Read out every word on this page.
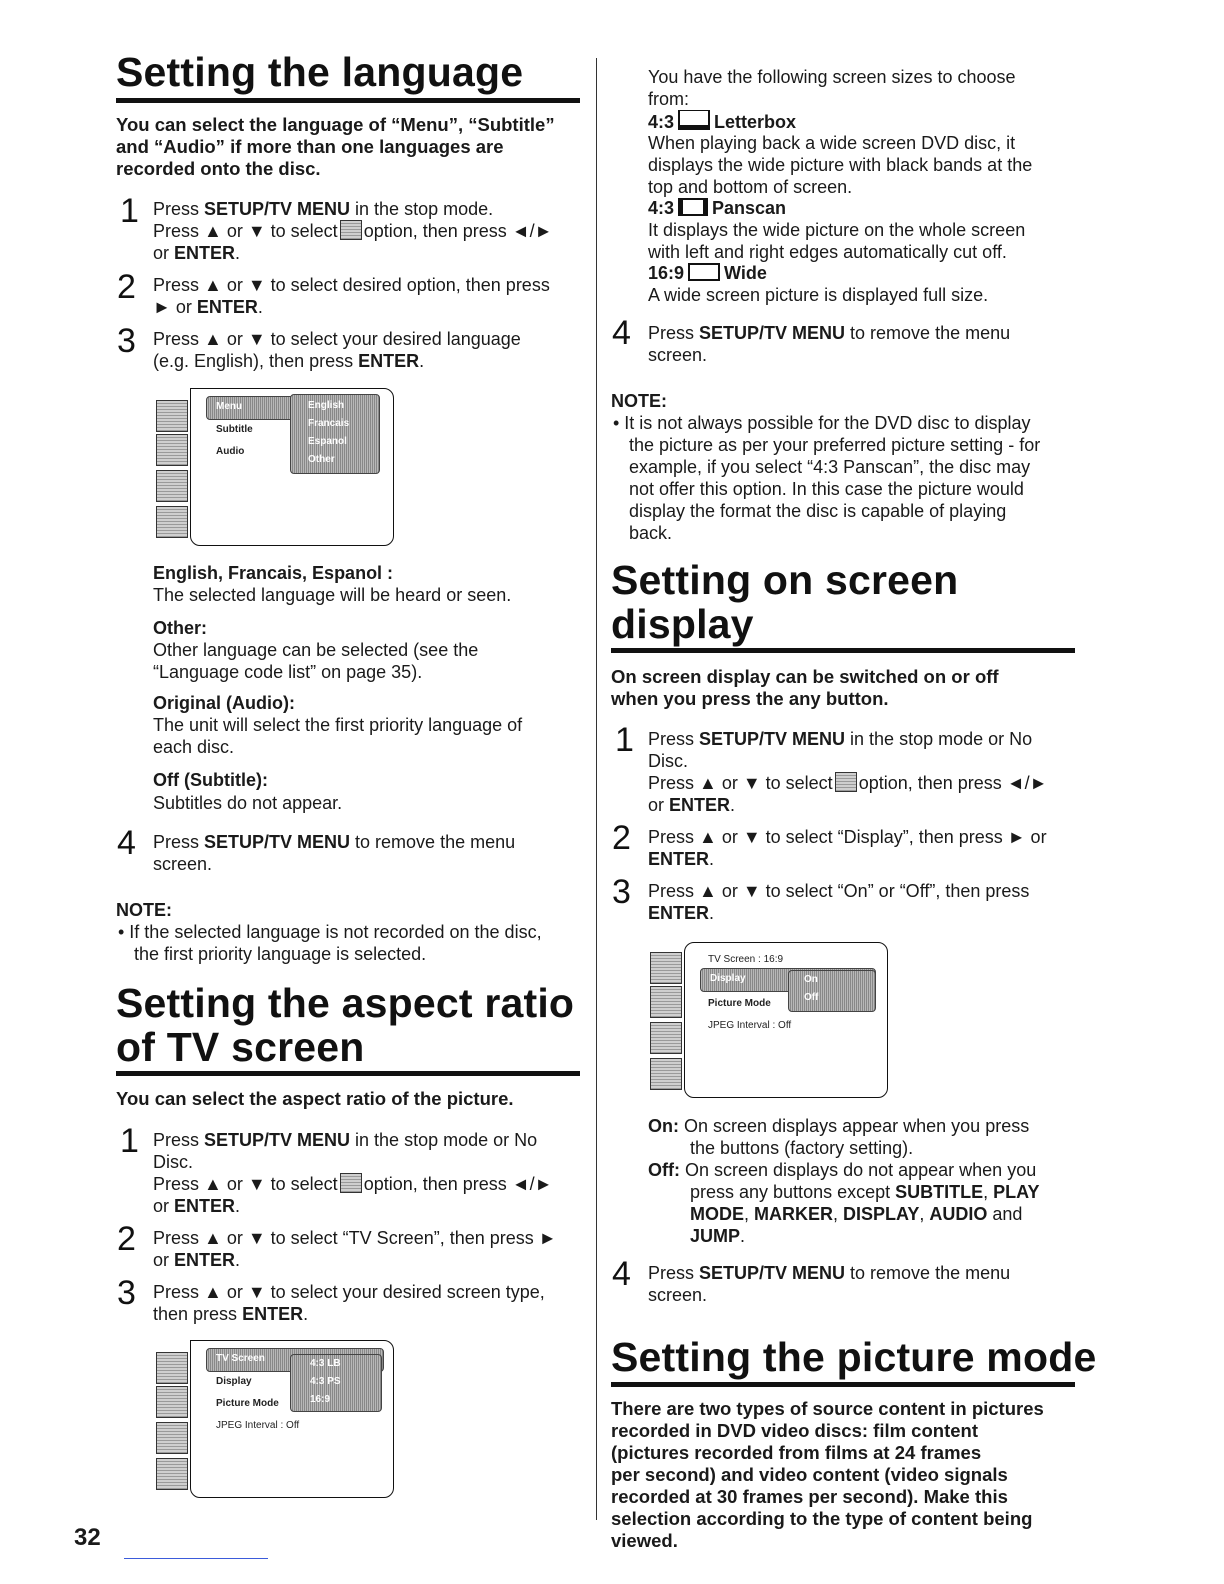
Setting the language

You can select the language of “Menu”, “Subtitle” and “Audio” if more than one languages are recorded onto the disc.

1 Press SETUP/TV MENU in the stop mode.
Press ▲ or ▼ to select option, then press ◄/►
or ENTER.

2 Press ▲ or ▼ to select desired option, then press
► or ENTER.

3 Press ▲ or ▼ to select your desired language
(e.g. English), then press ENTER.

Menu
Subtitle
Audio
English
Francais
Espanol
Other

English, Francais, Espanol :

The selected language will be heard or seen.

Other:

Other language can be selected (see the
“Language code list” on page 35).

Original (Audio):

The unit will select the first priority language of
each disc.

Off (Subtitle):

Subtitles do not appear.

4 Press SETUP/TV MENU to remove the menu
screen.

NOTE:

• If the selected language is not recorded on the disc,
the first priority language is selected.

Setting the aspect ratio
of TV screen

You can select the aspect ratio of the picture.

1 Press SETUP/TV MENU in the stop mode or No
Disc.
Press ▲ or ▼ to select option, then press ◄/►
or ENTER.

2 Press ▲ or ▼ to select “TV Screen”, then press ►
or ENTER.

3 Press ▲ or ▼ to select your desired screen type,
then press ENTER.

TV Screen
Display
Picture Mode
JPEG Interval : Off
4:3 LB
4:3 PS
16:9
32

You have the following screen sizes to choose
from:

4:3 Letterbox

When playing back a wide screen DVD disc, it
displays the wide picture with black bands at the
top and bottom of screen.

4:3 Panscan

It displays the wide picture on the whole screen
with left and right edges automatically cut off.

16:9 Wide

A wide screen picture is displayed full size.

4 Press SETUP/TV MENU to remove the menu
screen.

NOTE:

• It is not always possible for the DVD disc to display
the picture as per your preferred picture setting - for
example, if you select “4:3 Panscan”, the disc may
not offer this option. In this case the picture would
display the format the disc is capable of playing
back.

Setting on screen
display

On screen display can be switched on or off
when you press the any button.

1 Press SETUP/TV MENU in the stop mode or No
Disc.
Press ▲ or ▼ to select option, then press ◄/►
or ENTER.

2 Press ▲ or ▼ to select “Display”, then press ► or
ENTER.

3 Press ▲ or ▼ to select “On” or “Off”, then press
ENTER.

TV Screen : 16:9
Display
Picture Mode
JPEG Interval : Off
On
Off

On: On screen displays appear when you press
the buttons (factory setting).

Off: On screen displays do not appear when you
press any buttons except SUBTITLE, PLAY
MODE, MARKER, DISPLAY, AUDIO and
JUMP.

4 Press SETUP/TV MENU to remove the menu
screen.

Setting the picture mode

There are two types of source content in pictures
recorded in DVD video discs: film content
(pictures recorded from films at 24 frames
per second) and video content (video signals
recorded at 30 frames per second). Make this
selection according to the type of content being
viewed.
